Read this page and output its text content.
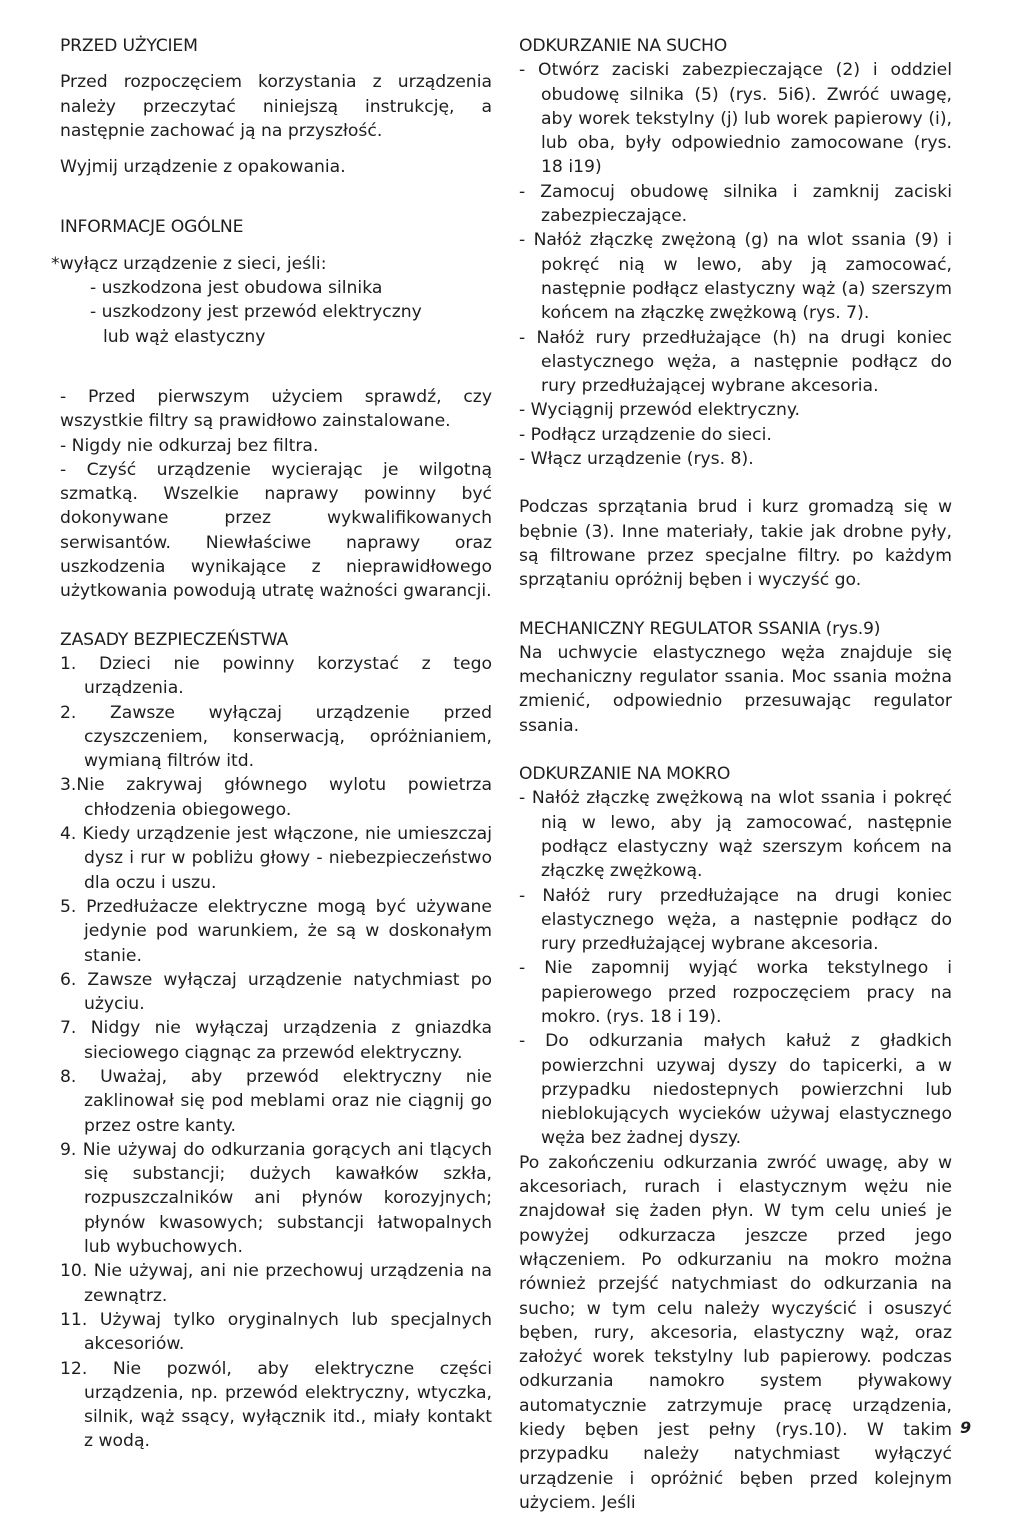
PRZED UŻYCIEM

Przed rozpoczęciem korzystania z urządzenia należy przeczytać niniejszą instrukcję, a następnie zachować ją na przyszłość.

Wyjmij urządzenie z opakowania.

INFORMACJE OGÓLNE

*wyłącz urządzenie z sieci, jeśli:

- uszkodzona jest obudowa silnika

- uszkodzony jest przewód elektryczny

lub wąż elastyczny

- Przed pierwszym użyciem sprawdź, czy wszystkie filtry są prawidłowo zainstalowane.

- Nigdy nie odkurzaj bez filtra.

- Czyść urządzenie wycierając je wilgotną szmatką. Wszelkie naprawy powinny być dokonywane przez wykwalifikowanych serwisantów. Niewłaściwe naprawy oraz uszkodzenia wynikające z nieprawidłowego użytkowania powodują utratę ważności gwarancji.

ZASADY BEZPIECZEŃSTWA

1. Dzieci nie powinny korzystać z tego urządzenia.

2. Zawsze wyłączaj urządzenie przed czyszczeniem, konserwacją, opróżnianiem, wymianą filtrów itd.

3.Nie zakrywaj głównego wylotu powietrza chłodzenia obiegowego.

4. Kiedy urządzenie jest włączone, nie umieszczaj dysz i rur w pobliżu głowy - niebezpieczeństwo dla oczu i uszu.

5. Przedłużacze elektryczne mogą być używane jedynie pod warunkiem, że są w doskonałym stanie.

6. Zawsze wyłączaj urządzenie natychmiast po użyciu.

7. Nidgy nie wyłączaj urządzenia z gniazdka sieciowego ciągnąc za przewód elektryczny.

8. Uważaj, aby przewód elektryczny nie zaklinował się pod meblami oraz nie ciągnij go przez ostre kanty.

9. Nie używaj do odkurzania gorących ani tlących się substancji; dużych kawałków szkła, rozpuszczalników ani płynów korozyjnych; płynów kwasowych; substancji łatwopalnych lub wybuchowych.

10. Nie używaj, ani nie przechowuj urządzenia na zewnątrz.

11. Używaj tylko oryginalnych lub specjalnych akcesoriów.

12. Nie pozwól, aby elektryczne części urządzenia, np. przewód elektryczny, wtyczka, silnik, wąż ssący, wyłącznik itd., miały kontakt z wodą.

ODKURZANIE NA SUCHO

- Otwórz zaciski zabezpieczające (2) i oddziel obudowę silnika (5) (rys. 5i6). Zwróć uwagę, aby worek tekstylny (j) lub worek papierowy (i), lub oba, były odpowiednio zamocowane (rys. 18 i19)

- Zamocuj obudowę silnika i zamknij zaciski zabezpieczające.

- Nałóż złączkę zwężoną (g) na wlot ssania (9) i pokręć nią w lewo, aby ją zamocować, następnie podłącz elastyczny wąż (a) szerszym końcem na złączkę zwężkową (rys. 7).

- Nałóż rury przedłużające (h) na drugi koniec elastycznego węża, a następnie podłącz do rury przedłużającej wybrane akcesoria.

- Wyciągnij przewód elektryczny.

- Podłącz urządzenie do sieci.

- Włącz urządzenie (rys. 8).

Podczas sprzątania brud i kurz gromadzą się w bębnie (3). Inne materiały, takie jak drobne pyły, są filtrowane przez specjalne filtry. po każdym sprzątaniu opróżnij bęben i wyczyść go.

MECHANICZNY REGULATOR SSANIA (rys.9)

Na uchwycie elastycznego węża znajduje się mechaniczny regulator ssania. Moc ssania można zmienić, odpowiednio przesuwając regulator ssania.

ODKURZANIE NA MOKRO

- Nałóż złączkę zwężkową na wlot ssania i pokręć nią w lewo, aby ją zamocować, następnie podłącz elastyczny wąż szerszym końcem na złączkę zwężkową.

- Nałóż rury przedłużające na drugi koniec elastycznego węża, a następnie podłącz do rury przedłużającej wybrane akcesoria.

- Nie zapomnij wyjąć worka tekstylnego i papierowego przed rozpoczęciem pracy na mokro. (rys. 18 i 19).

- Do odkurzania małych kałuż z gładkich powierzchni uzywaj dyszy do tapicerki, a w przypadku niedostepnych powierzchni lub nieblokujących wycieków używaj elastycznego węża bez żadnej dyszy.

Po zakończeniu odkurzania zwróć uwagę, aby w akcesoriach, rurach i elastycznym wężu nie znajdował się żaden płyn. W tym celu unieś je powyżej odkurzacza jeszcze przed jego włączeniem. Po odkurzaniu na mokro można również przejść natychmiast do odkurzania na sucho; w tym celu należy wyczyścić i osuszyć bęben, rury, akcesoria, elastyczny wąż, oraz założyć worek tekstylny lub papierowy. podczas odkurzania namokro system pływakowy automatycznie zatrzymuje pracę urządzenia, kiedy bęben jest pełny (rys.10). W takim przypadku należy natychmiast wyłączyć urządzenie i opróżnić bęben przed kolejnym użyciem. Jeśli

9
